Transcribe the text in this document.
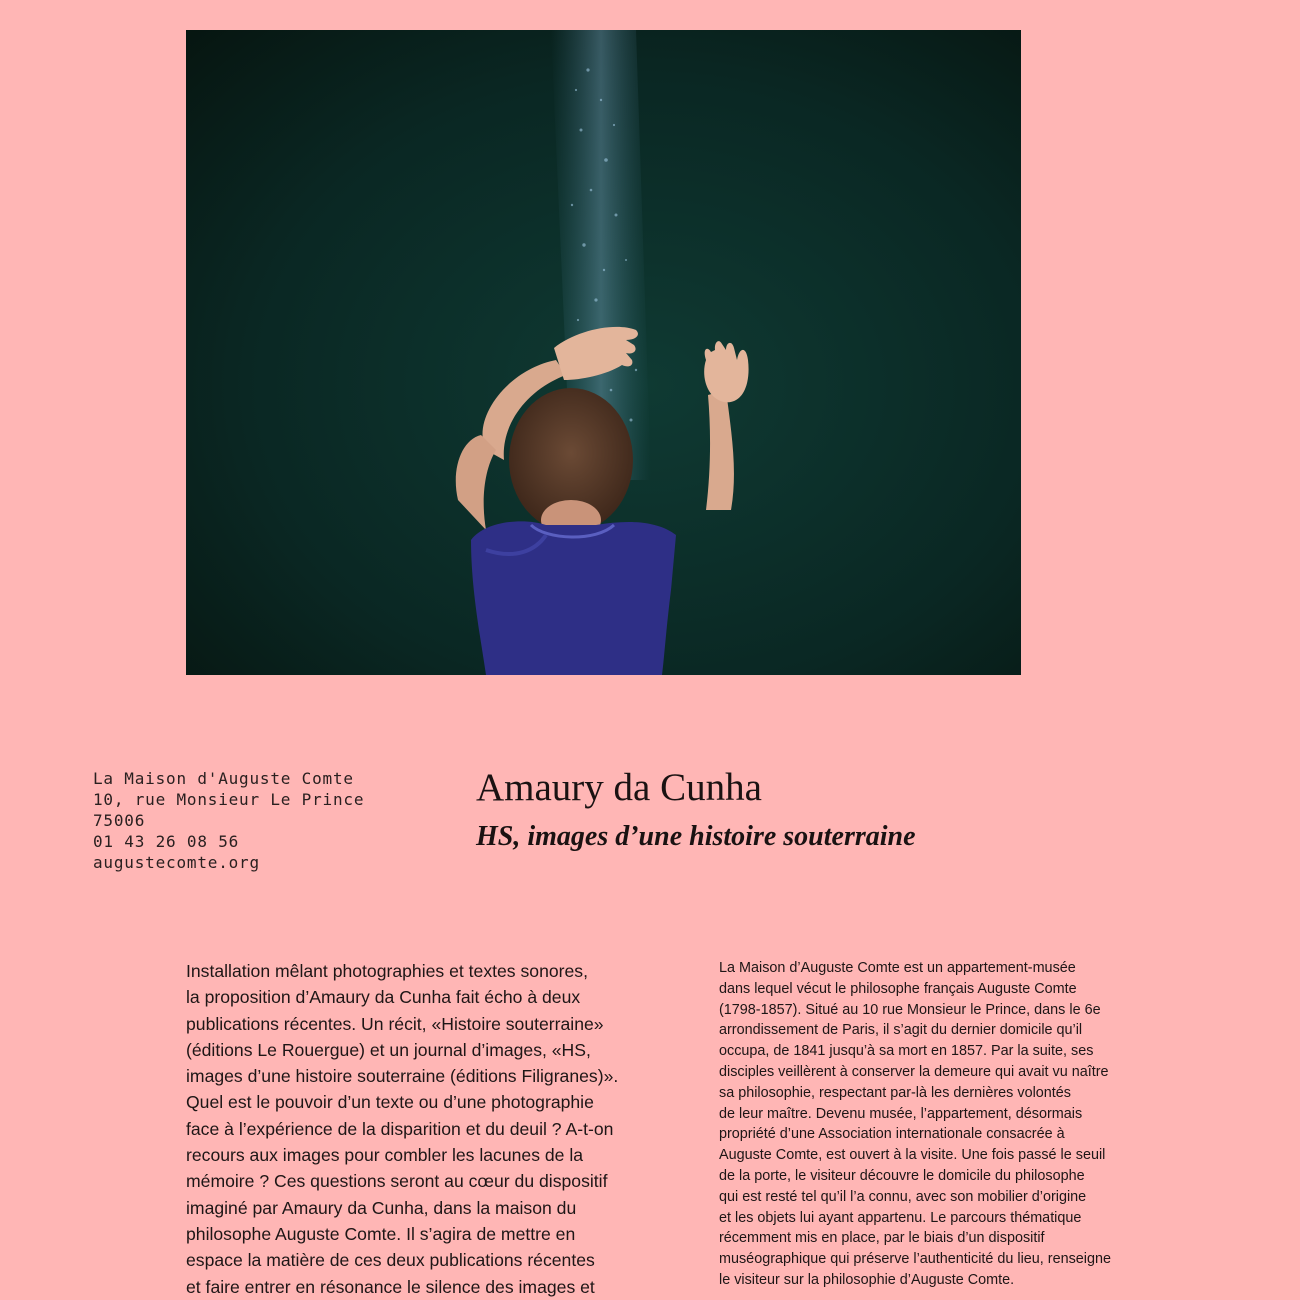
La Maison d'Auguste Comte
10, rue Monsieur Le Prince
75006
01 43 26 08 56
augustecomte.org
Amaury da Cunha
HS, images d’une histoire souterraine
Installation mêlant photographies et textes sonores,
la proposition d’Amaury da Cunha fait écho à deux
publications récentes. Un récit, «Histoire souterraine»
(éditions Le Rouergue) et un journal d’images, «HS,
images d’une histoire souterraine (éditions Filigranes)».
Quel est le pouvoir d’un texte ou d’une photographie
face à l’expérience de la disparition et du deuil ? A-t-on
recours aux images pour combler les lacunes de la
mémoire ? Ces questions seront au cœur du dispositif
imaginé par Amaury da Cunha, dans la maison du
philosophe Auguste Comte. Il s’agira de mettre en
espace la matière de ces deux publications récentes
et faire entrer en résonance le silence des images et
La Maison d’Auguste Comte est un appartement-musée
dans lequel vécut le philosophe français Auguste Comte
(1798-1857). Situé au 10 rue Monsieur le Prince, dans le 6e
arrondissement de Paris, il s’agit du dernier domicile qu’il
occupa, de 1841 jusqu’à sa mort en 1857. Par la suite, ses
disciples veillèrent à conserver la demeure qui avait vu naître
sa philosophie, respectant par-là les dernières volontés
de leur maître. Devenu musée, l’appartement, désormais
propriété d’une Association internationale consacrée à
Auguste Comte, est ouvert à la visite. Une fois passé le seuil
de la porte, le visiteur découvre le domicile du philosophe
qui est resté tel qu’il l’a connu, avec son mobilier d’origine
et les objets lui ayant appartenu. Le parcours thématique
récemment mis en place, par le biais d’un dispositif
muséographique qui préserve l’authenticité du lieu, renseigne
le visiteur sur la philosophie d’Auguste Comte.
